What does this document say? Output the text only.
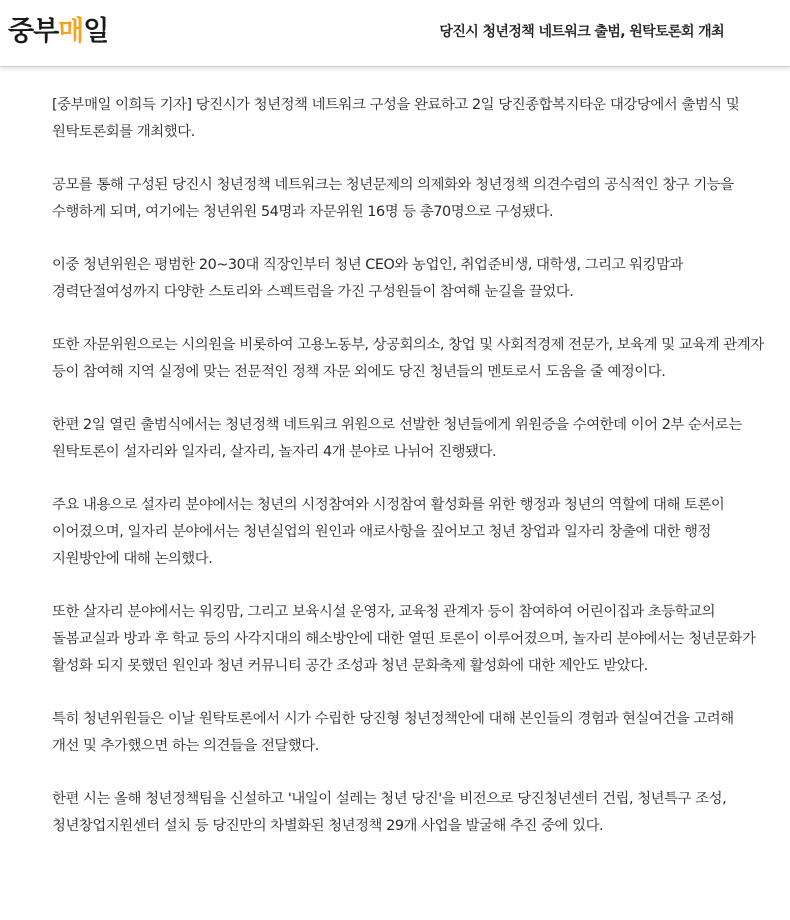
중부매일	당진시 청년정책 네트워크 출범, 원탁토론회 개최

[중부매일 이희득 기자] 당진시가 청년정책 네트워크 구성을 완료하고 2일 당진종합복지타운 대강당에서 출범식 및 원탁토론회를 개최했다.

공모를 통해 구성된 당진시 청년정책 네트워크는 청년문제의 의제화와 청년정책 의견수렴의 공식적인 창구 기능을 수행하게 되며, 여기에는 청년위원 54명과 자문위원 16명 등 총70명으로 구성됐다.

이중 청년위원은 평범한 20~30대 직장인부터 청년 CEO와 농업인, 취업준비생, 대학생, 그리고 워킹맘과 경력단절여성까지 다양한 스토리와 스펙트럼을 가진 구성원들이 참여해 눈길을 끌었다.

또한 자문위원으로는 시의원을 비롯하여 고용노동부, 상공회의소, 창업 및 사회적경제 전문가, 보육계 및 교육계 관계자 등이 참여해 지역 실정에 맞는 전문적인 정책 자문 외에도 당진 청년들의 멘토로서 도움을 줄 예정이다.

한편 2일 열린 출범식에서는 청년정책 네트워크 위원으로 선발한 청년들에게 위원증을 수여한데 이어 2부 순서로는 원탁토론이 설자리와 일자리, 살자리, 놀자리 4개 분야로 나뉘어 진행됐다.

주요 내용으로 설자리 분야에서는 청년의 시정참여와 시정참여 활성화를 위한 행정과 청년의 역할에 대해 토론이 이어졌으며, 일자리 분야에서는 청년실업의 원인과 애로사항을 짚어보고 청년 창업과 일자리 창출에 대한 행정 지원방안에 대해 논의했다.

또한 살자리 분야에서는 워킹맘, 그리고 보육시설 운영자, 교육청 관계자 등이 참여하여 어린이집과 초등학교의 돌봄교실과 방과 후 학교 등의 사각지대의 해소방안에 대한 열띤 토론이 이루어졌으며, 놀자리 분야에서는 청년문화가 활성화 되지 못했던 원인과 청년 커뮤니티 공간 조성과 청년 문화축제 활성화에 대한 제안도 받았다.

특히 청년위원들은 이날 원탁토론에서 시가 수립한 당진형 청년정책안에 대해 본인들의 경험과 현실여건을 고려해 개선 및 추가했으면 하는 의견들을 전달했다.

한편 시는 올해 청년정책팀을 신설하고 '내일이 설레는 청년 당진'을 비전으로 당진청년센터 건립, 청년특구 조성, 청년창업지원센터 설치 등 당진만의 차별화된 청년정책 29개 사업을 발굴해 추진 중에 있다.
